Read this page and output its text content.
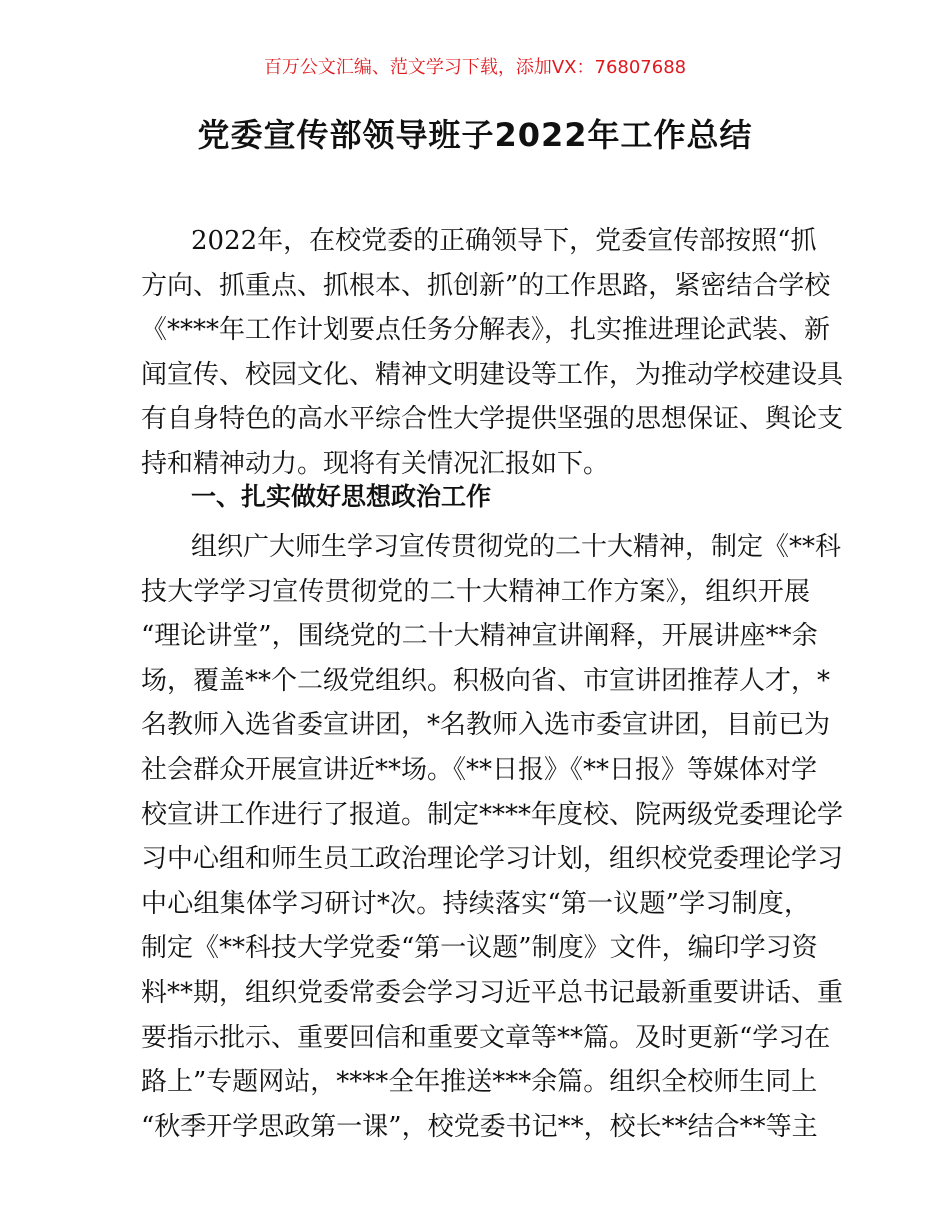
百万公文汇编、范文学习下载，添加VX：76807688
党委宣传部领导班子2022年工作总结
2022年，在校党委的正确领导下，党委宣传部按照“抓
方向、抓重点、抓根本、抓创新”的工作思路，紧密结合学校
《****年工作计划要点任务分解表》，扎实推进理论武装、新
闻宣传、校园文化、精神文明建设等工作，为推动学校建设具
有自身特色的高水平综合性大学提供坚强的思想保证、舆论支
持和精神动力。现将有关情况汇报如下。
一、扎实做好思想政治工作
组织广大师生学习宣传贯彻党的二十大精神，制定《**科
技大学学习宣传贯彻党的二十大精神工作方案》，组织开展
“理论讲堂”，围绕党的二十大精神宣讲阐释，开展讲座**余
场，覆盖**个二级党组织。积极向省、市宣讲团推荐人才，*
名教师入选省委宣讲团，*名教师入选市委宣讲团，目前已为
社会群众开展宣讲近**场。《**日报》《**日报》等媒体对学
校宣讲工作进行了报道。制定****年度校、院两级党委理论学
习中心组和师生员工政治理论学习计划，组织校党委理论学习
中心组集体学习研讨*次。持续落实“第一议题”学习制度，
制定《**科技大学党委“第一议题”制度》文件，编印学习资
料**期，组织党委常委会学习习近平总书记最新重要讲话、重
要指示批示、重要回信和重要文章等**篇。及时更新“学习在
路上”专题网站，****全年推送***余篇。组织全校师生同上
“秋季开学思政第一课”，校党委书记**，校长**结合**等主
